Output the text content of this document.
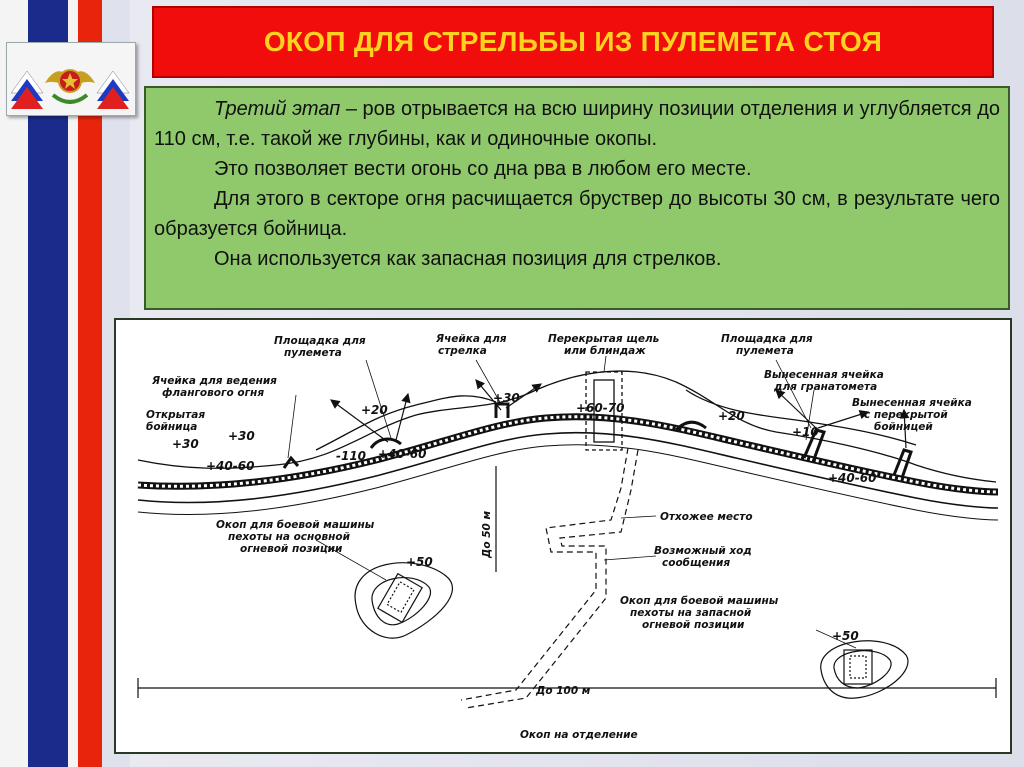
ОКОП ДЛЯ СТРЕЛЬБЫ ИЗ ПУЛЕМЕТА СТОЯ

Третий этап – ров отрывается на всю ширину позиции отделения и углубляется до 110 см, т.е. такой же глубины, как и одиночные окопы.

Это позволяет вести огонь со дна рва в любом его месте.

Для этого в секторе огня расчищается бруствер до высоты 30 см, в результате чего образуется бойница.

Она используется как запасная позиция для стрелков.

Площадка для пулемета
Ячейка для стрелка
Перекрытая щель или блиндаж
Площадка для пулемета
Ячейка для ведения флангового огня
Открытая бойница
Вынесенная ячейка для гранатомета
Вынесенная ячейка с перекрытой бойницей
Отхожее место
Возможный ход сообщения
Окоп для боевой машины пехоты на основной огневой позиции
Окоп для боевой машины пехоты на запасной огневой позиции
До 50 м
До 100 м
Окоп на отделение
+30
+30
+40-60
-110
+20
+30
+40-60
+60-70
+20
+10
+40-60
+50
+50
